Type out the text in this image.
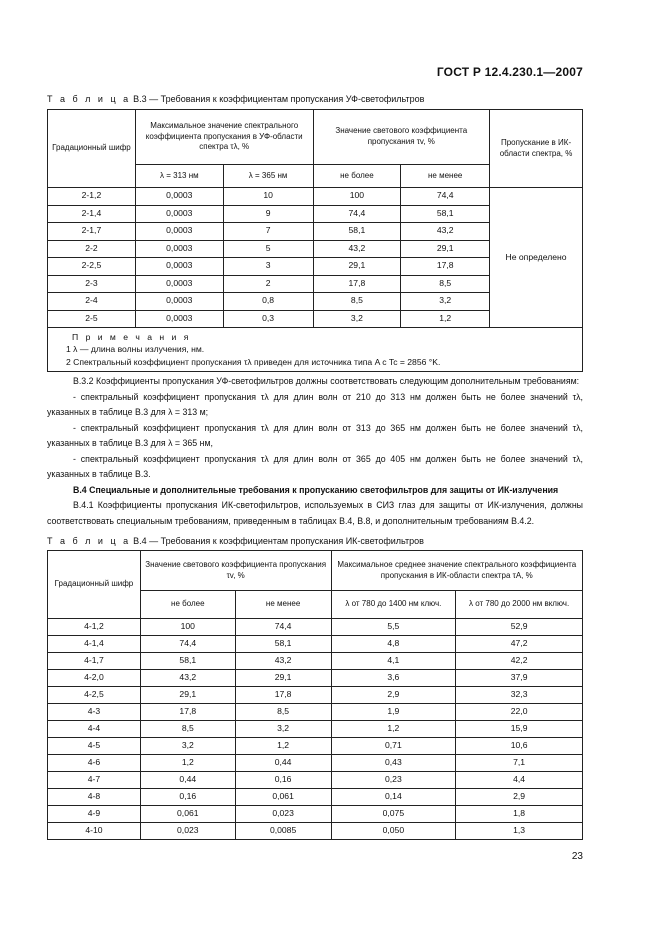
ГОСТ Р 12.4.230.1—2007
Т а б л и ц а В.3 — Требования к коэффициентам пропускания УФ-светофильтров
Градационный шифр	Максимальное значение спектрального коэффициента пропускания в УФ-области спектра τλ, %		Значение светового коэффициента пропускания τv, %		Пропускание в ИК-области спектра, %
	λ = 313 нм	λ = 365 нм	не более	не менее	
2-1,2	0,0003	10	100	74,4	Не определено
2-1,4	0,0003	9	74,4	58,1	
2-1,7	0,0003	7	58,1	43,2	
2-2	0,0003	5	43,2	29,1	
2-2,5	0,0003	3	29,1	17,8	
2-3	0,0003	2	17,8	8,5	
2-4	0,0003	0,8	8,5	3,2	
2-5	0,0003	0,3	3,2	1,2	

П р и м е ч а н и я
1 λ — длина волны излучения, нм.
2 Спектральный коэффициент пропускания τλ приведен для источника типа A с Tc = 2856 °K.					

В.3.2 Коэффициенты пропускания УФ-светофильтров должны соответствовать следующим дополнительным требованиям:

- спектральный коэффициент пропускания τλ для длин волн от 210 до 313 нм должен быть не более значений τλ, указанных в таблице В.3 для λ = 313 м;

- спектральный коэффициент пропускания τλ для длин волн от 313 до 365 нм должен быть не более значений τλ, указанных в таблице В.3 для λ = 365 нм,

- спектральный коэффициент пропускания τλ для длин волн от 365 до 405 нм должен быть не более значений τλ, указанных в таблице В.3.

В.4 Специальные и дополнительные требования к пропусканию светофильтров для защиты от ИК-излучения

В.4.1 Коэффициенты пропускания ИК-светофильтров, используемых в СИЗ глаз для защиты от ИК-излучения, должны соответствовать специальным требованиям, приведенным в таблицах В.4, В.8, и дополнительным требованиям В.4.2.

Т а б л и ц а В.4 — Требования к коэффициентам пропускания ИК-светофильтров
Градационный шифр	Значение светового коэффициента пропускания τv, %		Максимальное среднее значение спектрального коэффициента пропускания в ИК-области спектра τA, %	
	не более	не менее	λ от 780 до 1400 нм ключ.	λ от 780 до 2000 нм включ.
4-1,2	100	74,4	5,5	52,9
4-1,4	74,4	58,1	4,8	47,2
4-1,7	58,1	43,2	4,1	42,2
4-2,0	43,2	29,1	3,6	37,9
4-2,5	29,1	17,8	2,9	32,3
4-3	17,8	8,5	1,9	22,0
4-4	8,5	3,2	1,2	15,9
4-5	3,2	1,2	0,71	10,6
4-6	1,2	0,44	0,43	7,1
4-7	0,44	0,16	0,23	4,4
4-8	0,16	0,061	0,14	2,9
4-9	0,061	0,023	0,075	1,8
4-10	0,023	0,0085	0,050	1,3
23
